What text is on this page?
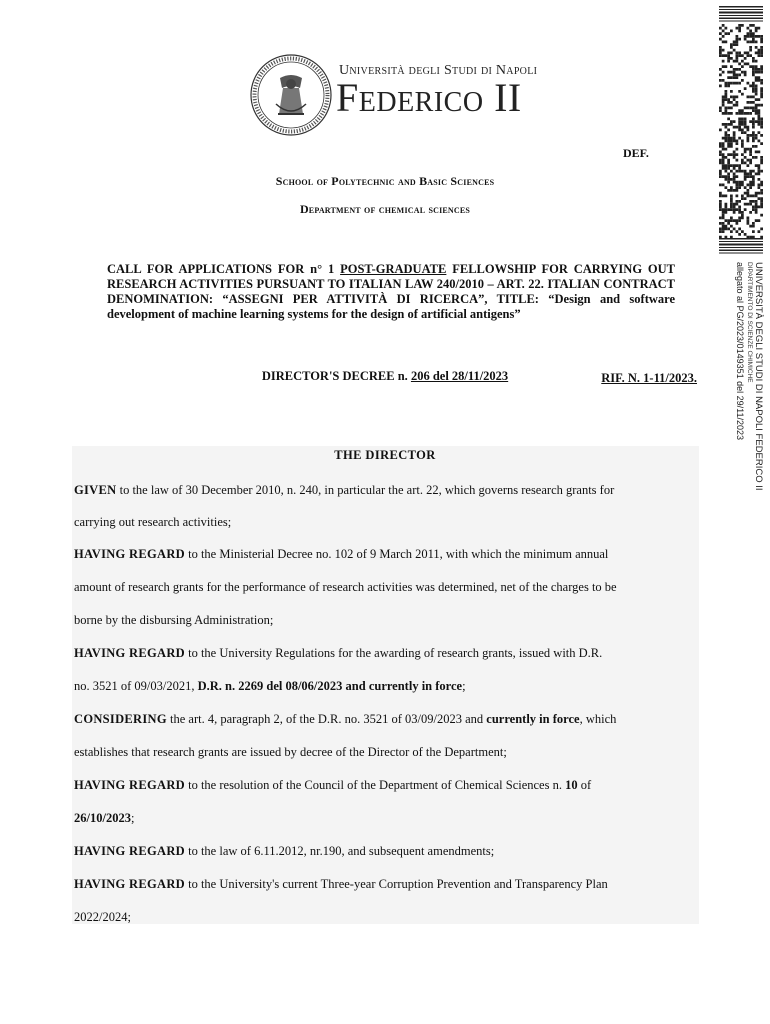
Università degli Studi di Napoli
Federico II
DEF.
School of Polytechnic and Basic Sciences
Department of chemical sciences
CALL FOR APPLICATIONS FOR n° 1 POST-GRADUATE FELLOWSHIP FOR CARRYING OUT RESEARCH ACTIVITIES PURSUANT TO ITALIAN LAW 240/2010 – ART. 22. ITALIAN CONTRACT DENOMINATION: “ASSEGNI PER ATTIVITÀ DI RICERCA”, TITLE: “Design and software development of machine learning systems for the design of artificial antigens”
DIRECTOR'S DECREE n. 206 del 28/11/2023	RIF. N. 1-11/2023.
THE DIRECTOR
GIVEN to the law of 30 December 2010, n. 240, in particular the art. 22, which governs research grants for
carrying out research activities;
HAVING REGARD to the Ministerial Decree no. 102 of 9 March 2011, with which the minimum annual
amount of research grants for the performance of research activities was determined, net of the charges to be
borne by the disbursing Administration;
HAVING REGARD to the University Regulations for the awarding of research grants, issued with D.R.
no. 3521 of 09/03/2021, D.R. n. 2269 del 08/06/2023 and currently in force;
CONSIDERING the art. 4, paragraph 2, of the D.R. no. 3521 of 03/09/2023 and currently in force, which
establishes that research grants are issued by decree of the Director of the Department;
HAVING REGARD to the resolution of the Council of the Department of Chemical Sciences n. 10 of
26/10/2023;
HAVING REGARD to the law of 6.11.2012, nr.190, and subsequent amendments;
HAVING REGARD to the University's current Three-year Corruption Prevention and Transparency Plan
2022/2024;
UNIVERSITÀ DEGLI STUDI DI NAPOLI FEDERICO II
DIPARTIMENTO DI SCIENZE CHIMICHE
allegato al PG/2023/0149351 del 29/11/2023
